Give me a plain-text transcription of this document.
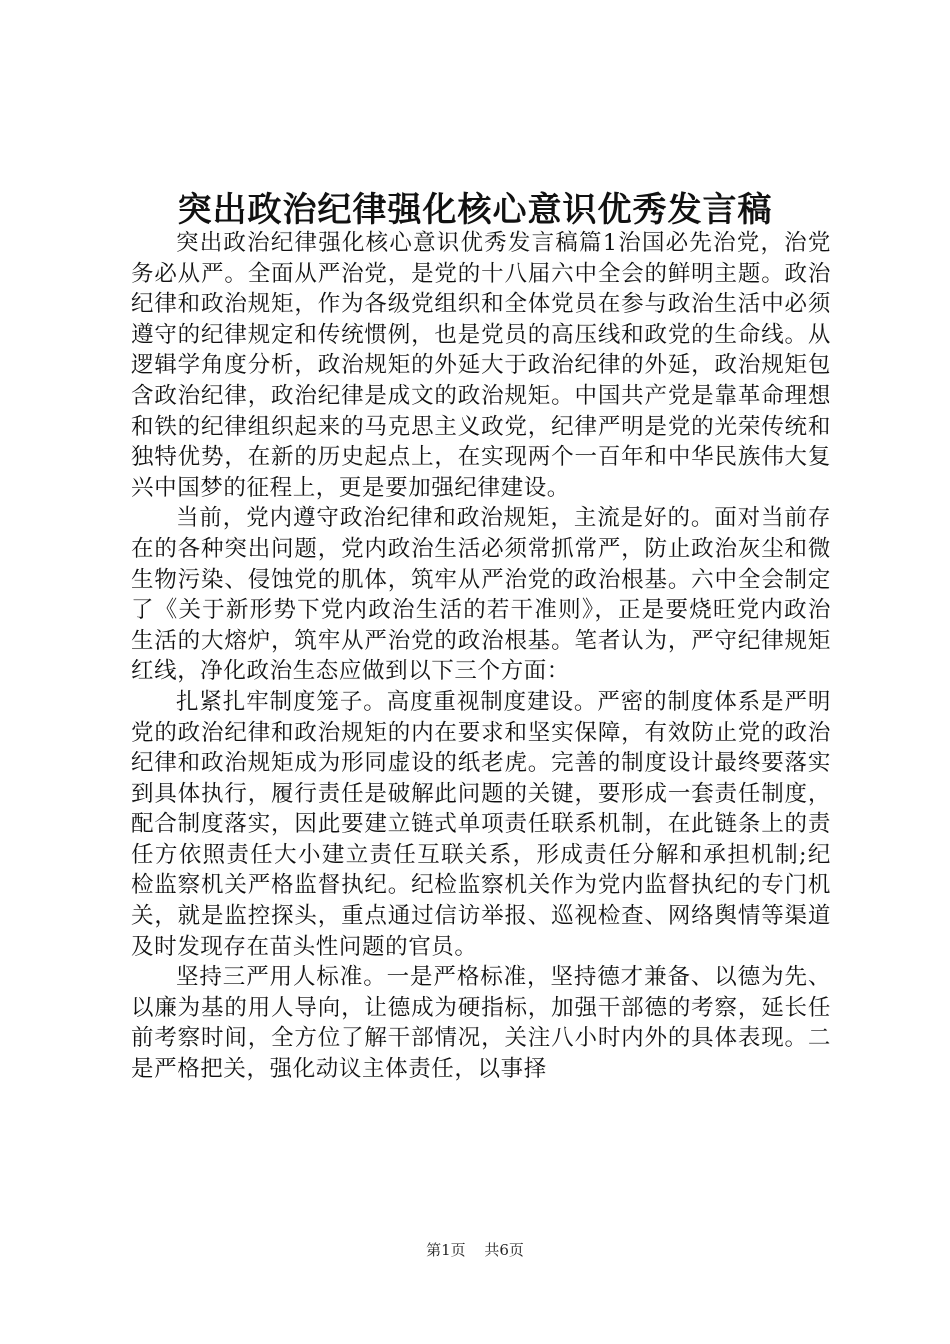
突出政治纪律强化核心意识优秀发言稿

突出政治纪律强化核心意识优秀发言稿篇1治国必先治党，治党务必从严。全面从严治党，是党的十八届六中全会的鲜明主题。政治纪律和政治规矩，作为各级党组织和全体党员在参与政治生活中必须遵守的纪律规定和传统惯例，也是党员的高压线和政党的生命线。从逻辑学角度分析，政治规矩的外延大于政治纪律的外延，政治规矩包含政治纪律，政治纪律是成文的政治规矩。中国共产党是靠革命理想和铁的纪律组织起来的马克思主义政党，纪律严明是党的光荣传统和独特优势，在新的历史起点上，在实现两个一百年和中华民族伟大复兴中国梦的征程上，更是要加强纪律建设。

当前，党内遵守政治纪律和政治规矩，主流是好的。面对当前存在的各种突出问题，党内政治生活必须常抓常严，防止政治灰尘和微生物污染、侵蚀党的肌体，筑牢从严治党的政治根基。六中全会制定了《关于新形势下党内政治生活的若干准则》，正是要烧旺党内政治生活的大熔炉，筑牢从严治党的政治根基。笔者认为，严守纪律规矩红线，净化政治生态应做到以下三个方面：

扎紧扎牢制度笼子。高度重视制度建设。严密的制度体系是严明党的政治纪律和政治规矩的内在要求和坚实保障，有效防止党的政治纪律和政治规矩成为形同虚设的纸老虎。完善的制度设计最终要落实到具体执行，履行责任是破解此问题的关键，要形成一套责任制度，配合制度落实，因此要建立链式单项责任联系机制，在此链条上的责任方依照责任大小建立责任互联关系，形成责任分解和承担机制;纪检监察机关严格监督执纪。纪检监察机关作为党内监督执纪的专门机关，就是监控探头，重点通过信访举报、巡视检查、网络舆情等渠道及时发现存在苗头性问题的官员。

坚持三严用人标准。一是严格标准，坚持德才兼备、以德为先、以廉为基的用人导向，让德成为硬指标，加强干部德的考察，延长任前考察时间，全方位了解干部情况，关注八小时内外的具体表现。二是严格把关，强化动议主体责任，以事择

第1页 共6页
